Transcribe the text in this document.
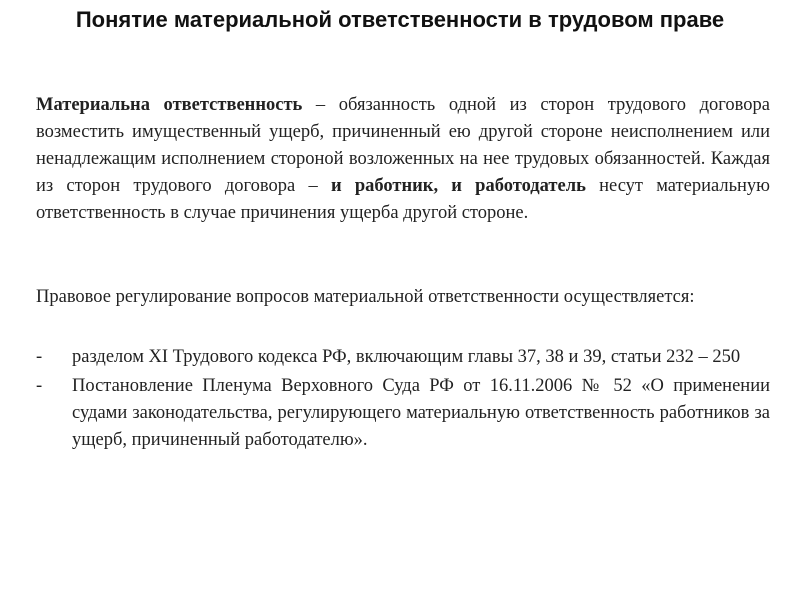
Понятие материальной ответственности в трудовом праве
Материальна ответственность – обязанность одной из сторон трудового договора возместить имущественный ущерб, причиненный ею другой стороне неисполнением или ненадлежащим исполнением стороной возложенных на нее трудовых обязанностей. Каждая из сторон трудового договора – и работник, и работодатель несут материальную ответственность в случае причинения ущерба другой стороне.
Правовое регулирование вопросов материальной ответственности осуществляется:
-	разделом XI Трудового кодекса РФ, включающим главы 37, 38 и 39, статьи 232 – 250
-	Постановление Пленума Верховного Суда РФ от 16.11.2006 № 52 «О применении судами законодательства, регулирующего материальную ответственность работников за ущерб, причиненный работодателю».
